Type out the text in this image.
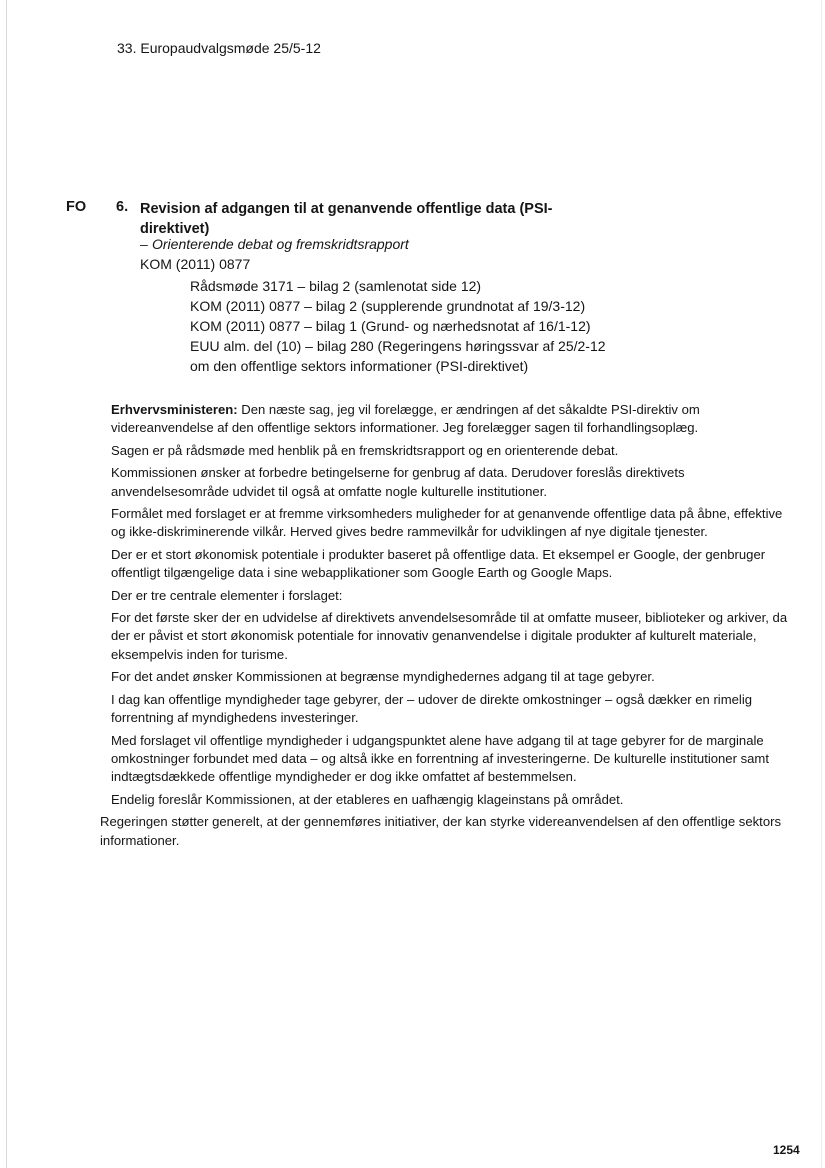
33. Europaudvalgsmøde 25/5-12
FO 6. Revision af adgangen til at genanvende offentlige data (PSI-direktivet)
– Orienterende debat og fremskridtsrapport
KOM (2011) 0877
Rådsmøde 3171 – bilag 2 (samlenotat side 12)
KOM (2011) 0877 – bilag 2 (supplerende grundnotat af 19/3-12)
KOM (2011) 0877 – bilag 1 (Grund- og nærhedsnotat af 16/1-12)
EUU alm. del (10) – bilag 280 (Regeringens høringssvar af 25/2-12 om den offentlige sektors informationer (PSI-direktivet)

Erhvervsministeren: Den næste sag, jeg vil forelægge, er ændringen af det såkaldte PSI-direktiv om videreanvendelse af den offentlige sektors informationer. Jeg forelægger sagen til forhandlingsoplæg.

Sagen er på rådsmøde med henblik på en fremskridtsrapport og en orienterende debat.

Kommissionen ønsker at forbedre betingelserne for genbrug af data. Derudover foreslås direktivets anvendelsesområde udvidet til også at omfatte nogle kulturelle institutioner.

Formålet med forslaget er at fremme virksomheders muligheder for at genanvende offentlige data på åbne, effektive og ikke-diskriminerende vilkår. Herved gives bedre rammevilkår for udviklingen af nye digitale tjenester.

Der er et stort økonomisk potentiale i produkter baseret på offentlige data. Et eksempel er Google, der genbruger offentligt tilgængelige data i sine webapplikationer som Google Earth og Google Maps.

Der er tre centrale elementer i forslaget:

For det første sker der en udvidelse af direktivets anvendelsesområde til at omfatte museer, biblioteker og arkiver, da der er påvist et stort økonomisk potentiale for innovativ genanvendelse i digitale produkter af kulturelt materiale, eksempelvis inden for turisme.

For det andet ønsker Kommissionen at begrænse myndighedernes adgang til at tage gebyrer.

I dag kan offentlige myndigheder tage gebyrer, der – udover de direkte omkostninger – også dækker en rimelig forrentning af myndighedens investeringer.

Med forslaget vil offentlige myndigheder i udgangspunktet alene have adgang til at tage gebyrer for de marginale omkostninger forbundet med data – og altså ikke en forrentning af investeringerne. De kulturelle institutioner samt indtægtsdækkede offentlige myndigheder er dog ikke omfattet af bestemmelsen.

Endelig foreslår Kommissionen, at der etableres en uafhængig klageinstans på området.

Regeringen støtter generelt, at der gennemføres initiativer, der kan styrke videreanvendelsen af den offentlige sektors informationer.

1254
